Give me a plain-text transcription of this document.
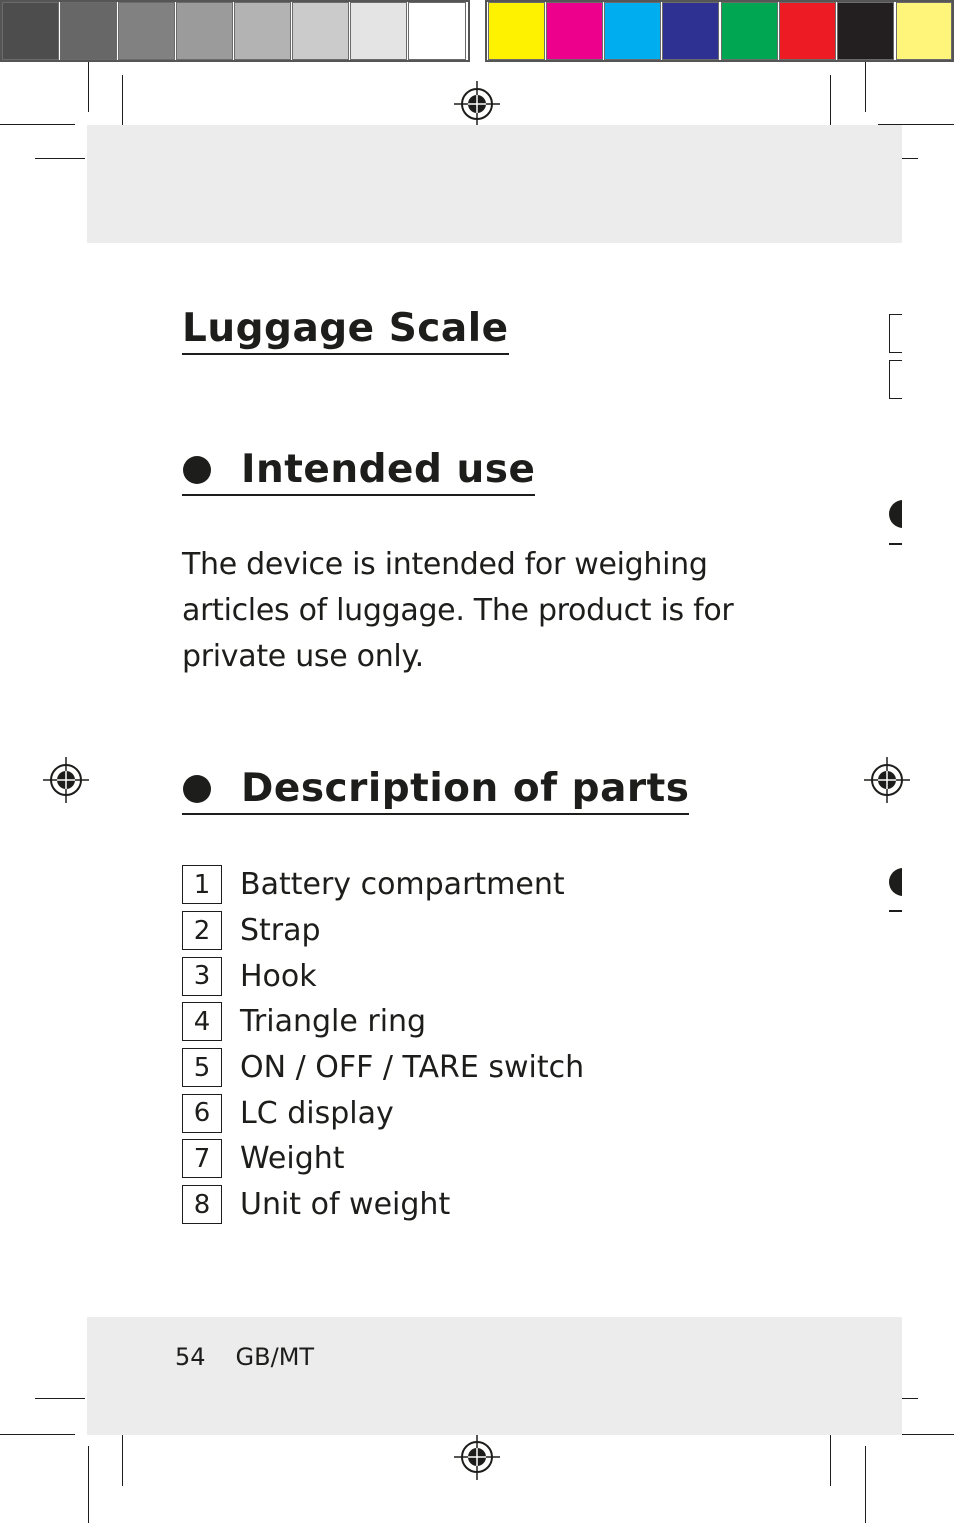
Luggage Scale
Intended use

The device is intended for weighing articles of luggage. The product is for private use only.

Description of parts
1 Battery compartment
2 Strap
3 Hook
4 Triangle ring
5 ON / OFF / TARE switch
6 LC display
7 Weight
8 Unit of weight
54 GB/MT
